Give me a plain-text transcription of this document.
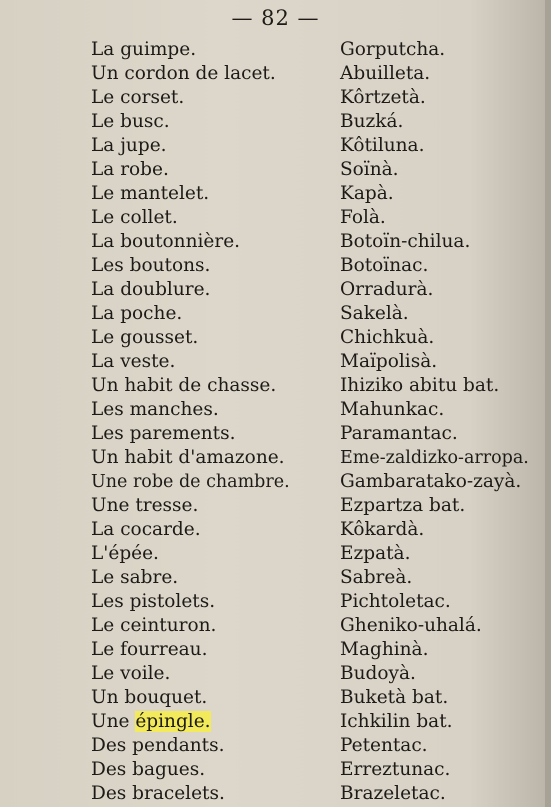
— 82 —
La guimpe.	Gorputcha.
Un cordon de lacet.	Abuilleta.
Le corset.	Kôrtzetà.
Le busc.	Buzká.
La jupe.	Kôtiluna.
La robe.	Soïnà.
Le mantelet.	Kapà.
Le collet.	Folà.
La boutonnière.	Botoïn-chilua.
Les boutons.	Botoïnac.
La doublure.	Orradurà.
La poche.	Sakelà.
Le gousset.	Chichkuà.
La veste.	Maïpolisà.
Un habit de chasse.	Ihiziko abitu bat.
Les manches.	Mahunkac.
Les parements.	Paramantac.
Un habit d'amazone.	Eme-zaldizko-arropa.
Une robe de chambre.	Gambaratako-zayà.
Une tresse.	Ezpartza bat.
La cocarde.	Kôkardà.
L'épée.	Ezpatà.
Le sabre.	Sabreà.
Les pistolets.	Pichtoletac.
Le ceinturon.	Gheniko-uhalá.
Le fourreau.	Maghinà.
Le voile.	Budoyà.
Un bouquet.	Buketà bat.
Une épingle.	Ichkilin bat.
Des pendants.	Petentac.
Des bagues.	Erreztunac.
Des bracelets.	Brazeletac.
